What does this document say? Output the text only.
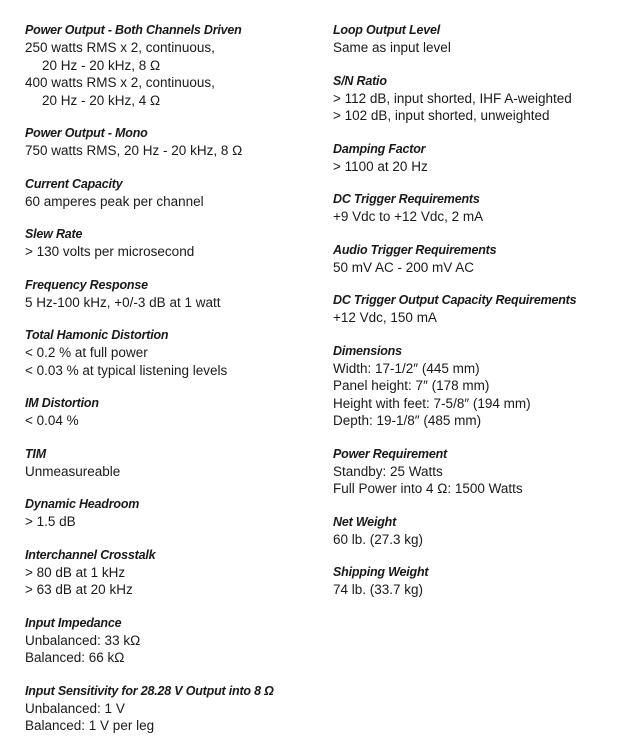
Power Output - Both Channels Driven
250 watts RMS x 2, continuous,
20 Hz - 20 kHz, 8 Ω
400 watts RMS x 2, continuous,
20 Hz - 20 kHz, 4 Ω
Power Output - Mono
750 watts RMS, 20 Hz - 20 kHz, 8 Ω
Current Capacity
60 amperes peak per channel
Slew Rate
> 130 volts per microsecond
Frequency Response
5 Hz-100 kHz, +0/-3 dB at 1 watt
Total Hamonic Distortion
< 0.2 % at full power
< 0.03 % at typical listening levels
IM Distortion
< 0.04 %
TIM
Unmeasureable
Dynamic Headroom
> 1.5 dB
Interchannel Crosstalk
> 80 dB at 1 kHz
> 63 dB at 20 kHz
Input Impedance
Unbalanced: 33 kΩ
Balanced: 66 kΩ
Input Sensitivity for 28.28 V Output into 8 Ω
Unbalanced: 1 V
Balanced: 1 V per leg
Loop Output Level
Same as input level
S/N Ratio
> 112 dB, input shorted, IHF A-weighted
> 102 dB, input shorted, unweighted
Damping Factor
> 1100 at 20 Hz
DC Trigger Requirements
+9 Vdc to +12 Vdc, 2 mA
Audio Trigger Requirements
50 mV AC - 200 mV AC
DC Trigger Output Capacity Requirements
+12 Vdc, 150 mA
Dimensions
Width: 17-1/2″ (445 mm)
Panel height: 7″ (178 mm)
Height with feet: 7-5/8″ (194 mm)
Depth: 19-1/8″ (485 mm)
Power Requirement
Standby: 25 Watts
Full Power into 4 Ω: 1500 Watts
Net Weight
60 lb. (27.3 kg)
Shipping Weight
74 lb. (33.7 kg)
